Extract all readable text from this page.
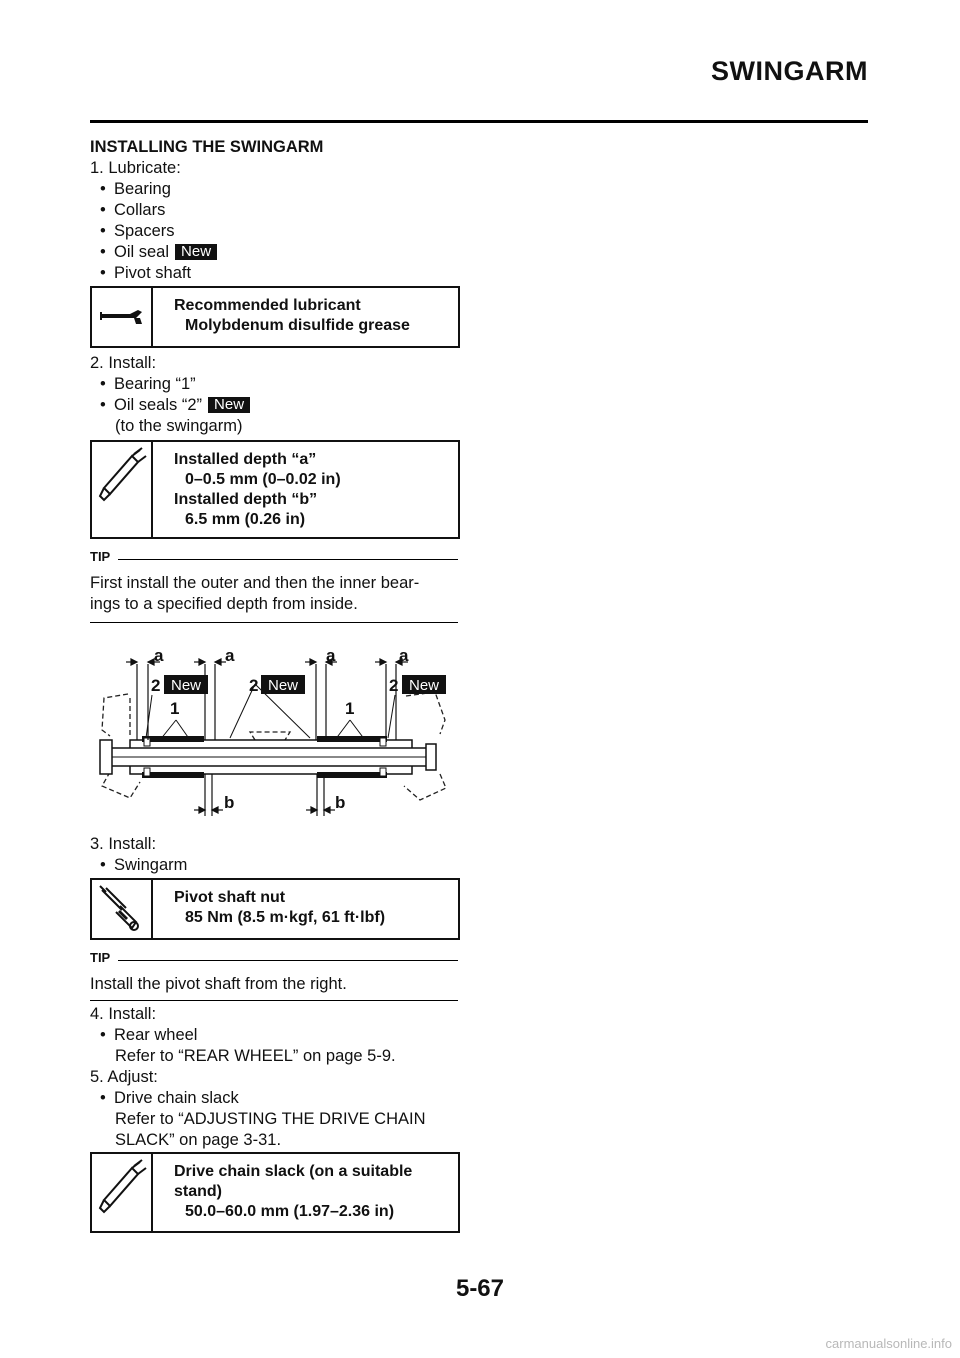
SWINGARM
INSTALLING THE SWINGARM
1. Lubricate:
• Bearing
• Collars
• Spacers
• Oil seal New
• Pivot shaft
Recommended lubricant
Molybdenum disulfide grease
2. Install:
• Bearing “1”
• Oil seals “2” New
(to the swingarm)
Installed depth “a”
0–0.5 mm (0–0.02 in)
Installed depth “b”
6.5 mm (0.26 in)
TIP
First install the outer and then the inner bear-
ings to a specified depth from inside.
a	a	a	a
2	2	2
1	1
b	b
New	New	New
3. Install:
• Swingarm
Pivot shaft nut
85 Nm (8.5 m·kgf, 61 ft·lbf)
TIP
Install the pivot shaft from the right.
4. Install:
• Rear wheel
Refer to “REAR WHEEL” on page 5-9.
5. Adjust:
• Drive chain slack
Refer to “ADJUSTING THE DRIVE CHAIN
SLACK” on page 3-31.
Drive chain slack (on a suitable
stand)
50.0–60.0 mm (1.97–2.36 in)
5-67
carmanualsonline.info
